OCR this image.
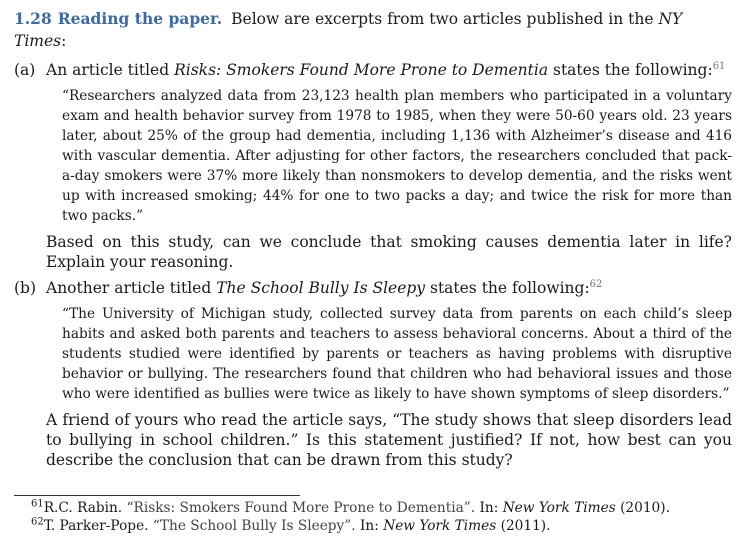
1.28 Reading the paper. Below are excerpts from two articles published in the NY Times:

(a) An article titled Risks: Smokers Found More Prone to Dementia states the following:$^{61}$

“Researchers analyzed data from 23,123 health plan members who participated in a voluntary exam and health behavior survey from 1978 to 1985, when they were 50-60 years old. 23 years later, about 25% of the group had dementia, including 1,136 with Alzheimer’s disease and 416 with vascular dementia. After adjusting for other factors, the researchers concluded that pack-a-day smokers were 37% more likely than nonsmokers to develop dementia, and the risks went up with increased smoking; 44% for one to two packs a day; and twice the risk for more than two packs.”

Based on this study, can we conclude that smoking causes dementia later in life? Explain your reasoning.

(b) Another article titled The School Bully Is Sleepy states the following:$^{62}$

“The University of Michigan study, collected survey data from parents on each child’s sleep habits and asked both parents and teachers to assess behavioral concerns. About a third of the students studied were identified by parents or teachers as having problems with disruptive behavior or bullying. The researchers found that children who had behavioral issues and those who were identified as bullies were twice as likely to have shown symptoms of sleep disorders.”

A friend of yours who read the article says, “The study shows that sleep disorders lead to bullying in school children.” Is this statement justified? If not, how best can you describe the conclusion that can be drawn from this study?

$^{61}$R.C. Rabin. “Risks: Smokers Found More Prone to Dementia”. In: New York Times (2010).

$^{62}$T. Parker-Pope. “The School Bully Is Sleepy”. In: New York Times (2011).
